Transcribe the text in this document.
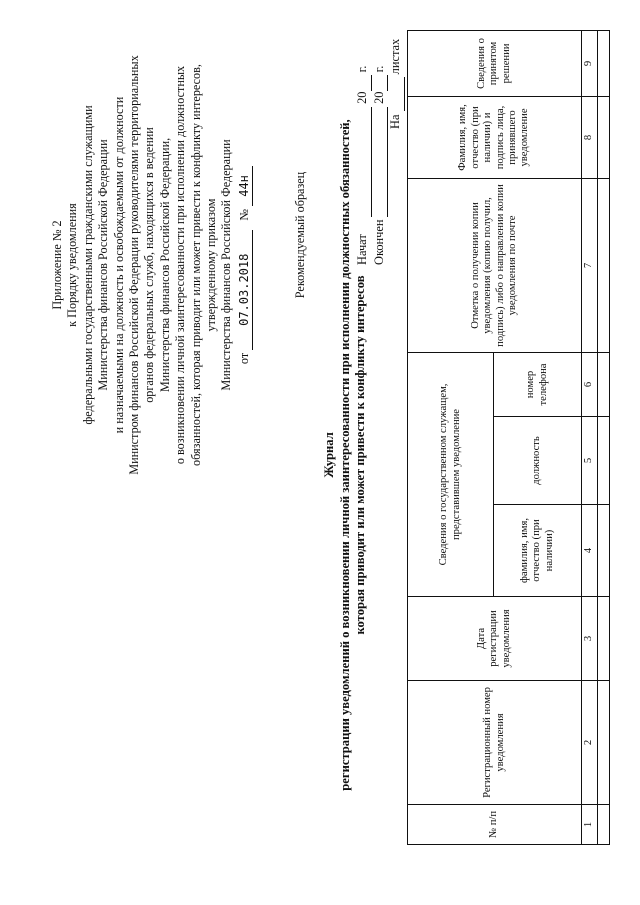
Приложение № 2 к Порядку уведомления федеральными государственными гражданскими служащими Министерства финансов Российской Федерации и назначаемыми на должность и освобождаемыми от должности Министром финансов Российской Федерации руководителями территориальных органов федеральных служб, находящихся в ведении Министерства финансов Российской Федерации, о возникновении личной заинтересованности при исполнении должностных обязанностей, которая приводит или может привести к конфликту интересов, утвержденному приказом Министерства финансов Российской Федерации от 07.03.2018   № 44н	Рекомендуемый образец
Журнал регистрации уведомлений о возникновении личной заинтересованности при исполнении должностных обязанностей, которая приводит или может привести к конфликту интересов
Начат  20  г.
Окончен  20  г.
На   листах
№ п/п	Регистрационный номер уведомления	Дата регистрации уведомления	Сведения о государственном служащем, представившем уведомление			Отметка о получении копии уведомления (копию получил, подпись) либо о направлении копии уведомления по почте	Фамилия, имя, отчество (при наличии) и подпись лица, принявшего уведомление	Сведения о принятом решении
			фамилия, имя, отчество (при наличии)	должность	номер телефона			
1	2	3	4	5	6	7	8	9
